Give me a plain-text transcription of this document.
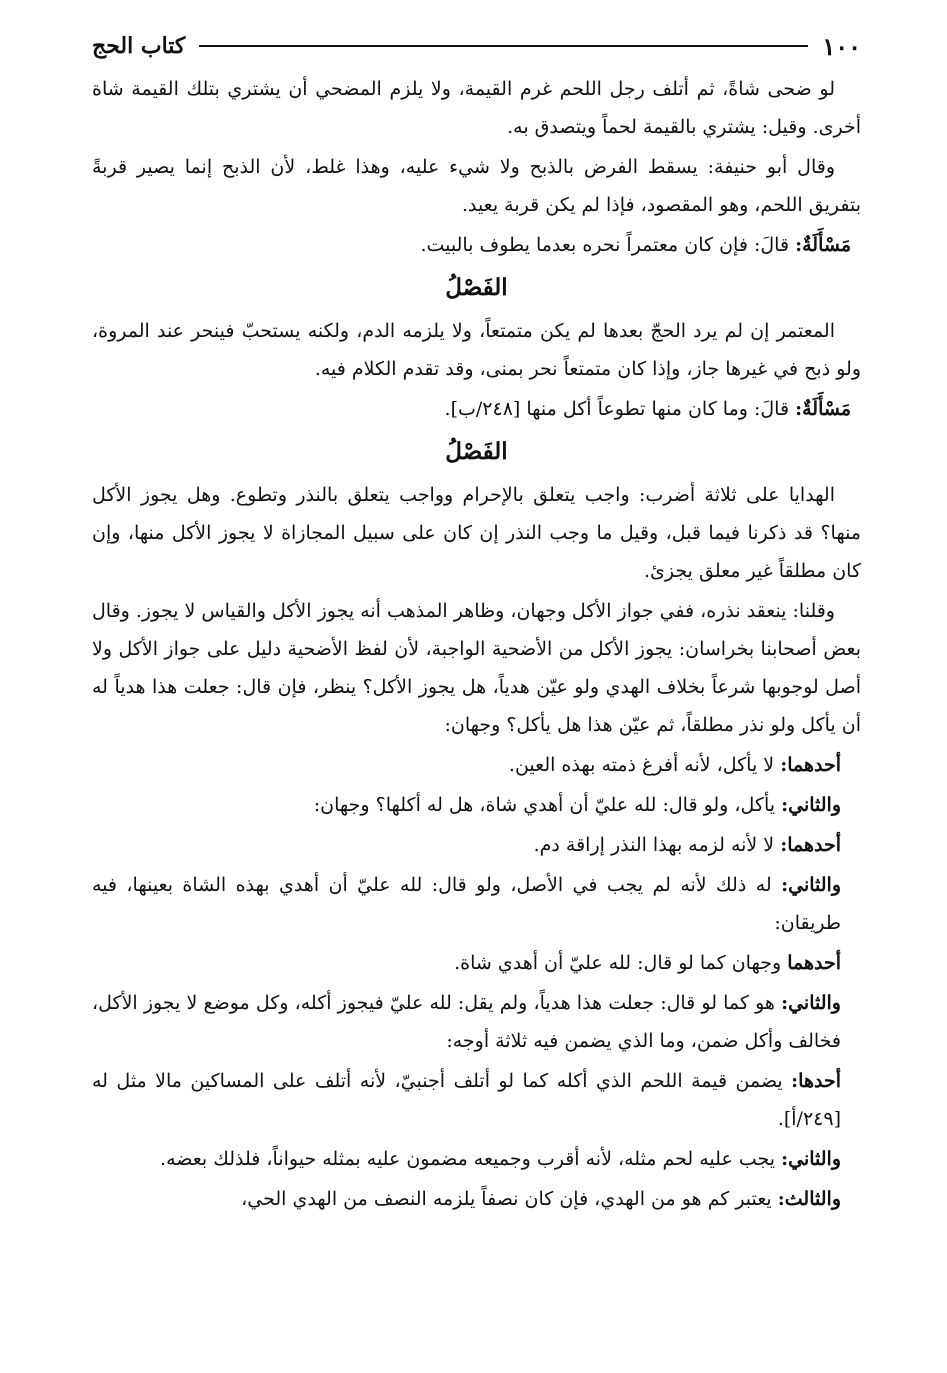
١٠٠
كتاب الحج

لو ضحى شاةً، ثم أتلف رجل اللحم غرم القيمة، ولا يلزم المضحي أن يشتري بتلك القيمة شاة أخرى. وقيل: يشتري بالقيمة لحماً ويتصدق به.

وقال أبو حنيفة: يسقط الفرض بالذبح ولا شيء عليه، وهذا غلط، لأن الذبح إنما يصير قربةً بتفريق اللحم، وهو المقصود، فإذا لم يكن قربة يعيد.

مَسْأَلَةٌ: قالَ: فإن كان معتمراً نحره بعدما يطوف بالبيت.

الفَصْلُ

المعتمر إن لم يرد الحجّ بعدها لم يكن متمتعاً، ولا يلزمه الدم، ولكنه يستحبّ فينحر عند المروة، ولو ذبح في غيرها جاز، وإذا كان متمتعاً نحر بمنى، وقد تقدم الكلام فيه.

مَسْأَلَةٌ: قالَ: وما كان منها تطوعاً أكل منها [٢٤٨/ب].

الفَصْلُ

الهدايا على ثلاثة أضرب: واجب يتعلق بالإحرام وواجب يتعلق بالنذر وتطوع. وهل يجوز الأكل منها؟ قد ذكرنا فيما قبل، وقيل ما وجب النذر إن كان على سبيل المجازاة لا يجوز الأكل منها، وإن كان مطلقاً غير معلق يجزئ.

وقلنا: ينعقد نذره، ففي جواز الأكل وجهان، وظاهر المذهب أنه يجوز الأكل والقياس لا يجوز. وقال بعض أصحابنا بخراسان: يجوز الأكل من الأضحية الواجبة، لأن لفظ الأضحية دليل على جواز الأكل ولا أصل لوجوبها شرعاً بخلاف الهدي ولو عيّن هدياً، هل يجوز الأكل؟ ينظر، فإن قال: جعلت هذا هدياً له أن يأكل ولو نذر مطلقاً، ثم عيّن هذا هل يأكل؟ وجهان:

أحدهما: لا يأكل، لأنه أفرغ ذمته بهذه العين.

والثاني: يأكل، ولو قال: لله عليّ أن أهدي شاة، هل له أكلها؟ وجهان:

أحدهما: لا لأنه لزمه بهذا النذر إراقة دم.

والثاني: له ذلك لأنه لم يجب في الأصل، ولو قال: لله عليّ أن أهدي بهذه الشاة بعينها، فيه طريقان:

أحدهما وجهان كما لو قال: لله عليّ أن أهدي شاة.

والثاني: هو كما لو قال: جعلت هذا هدياً، ولم يقل: لله عليّ فيجوز أكله، وكل موضع لا يجوز الأكل، فخالف وأكل ضمن، وما الذي يضمن فيه ثلاثة أوجه:

أحدها: يضمن قيمة اللحم الذي أكله كما لو أتلف أجنبيّ، لأنه أتلف على المساكين مالا مثل له [٢٤٩/أ].

والثاني: يجب عليه لحم مثله، لأنه أقرب وجميعه مضمون عليه بمثله حيواناً، فلذلك بعضه.

والثالث: يعتبر كم هو من الهدي، فإن كان نصفاً يلزمه النصف من الهدي الحي،
